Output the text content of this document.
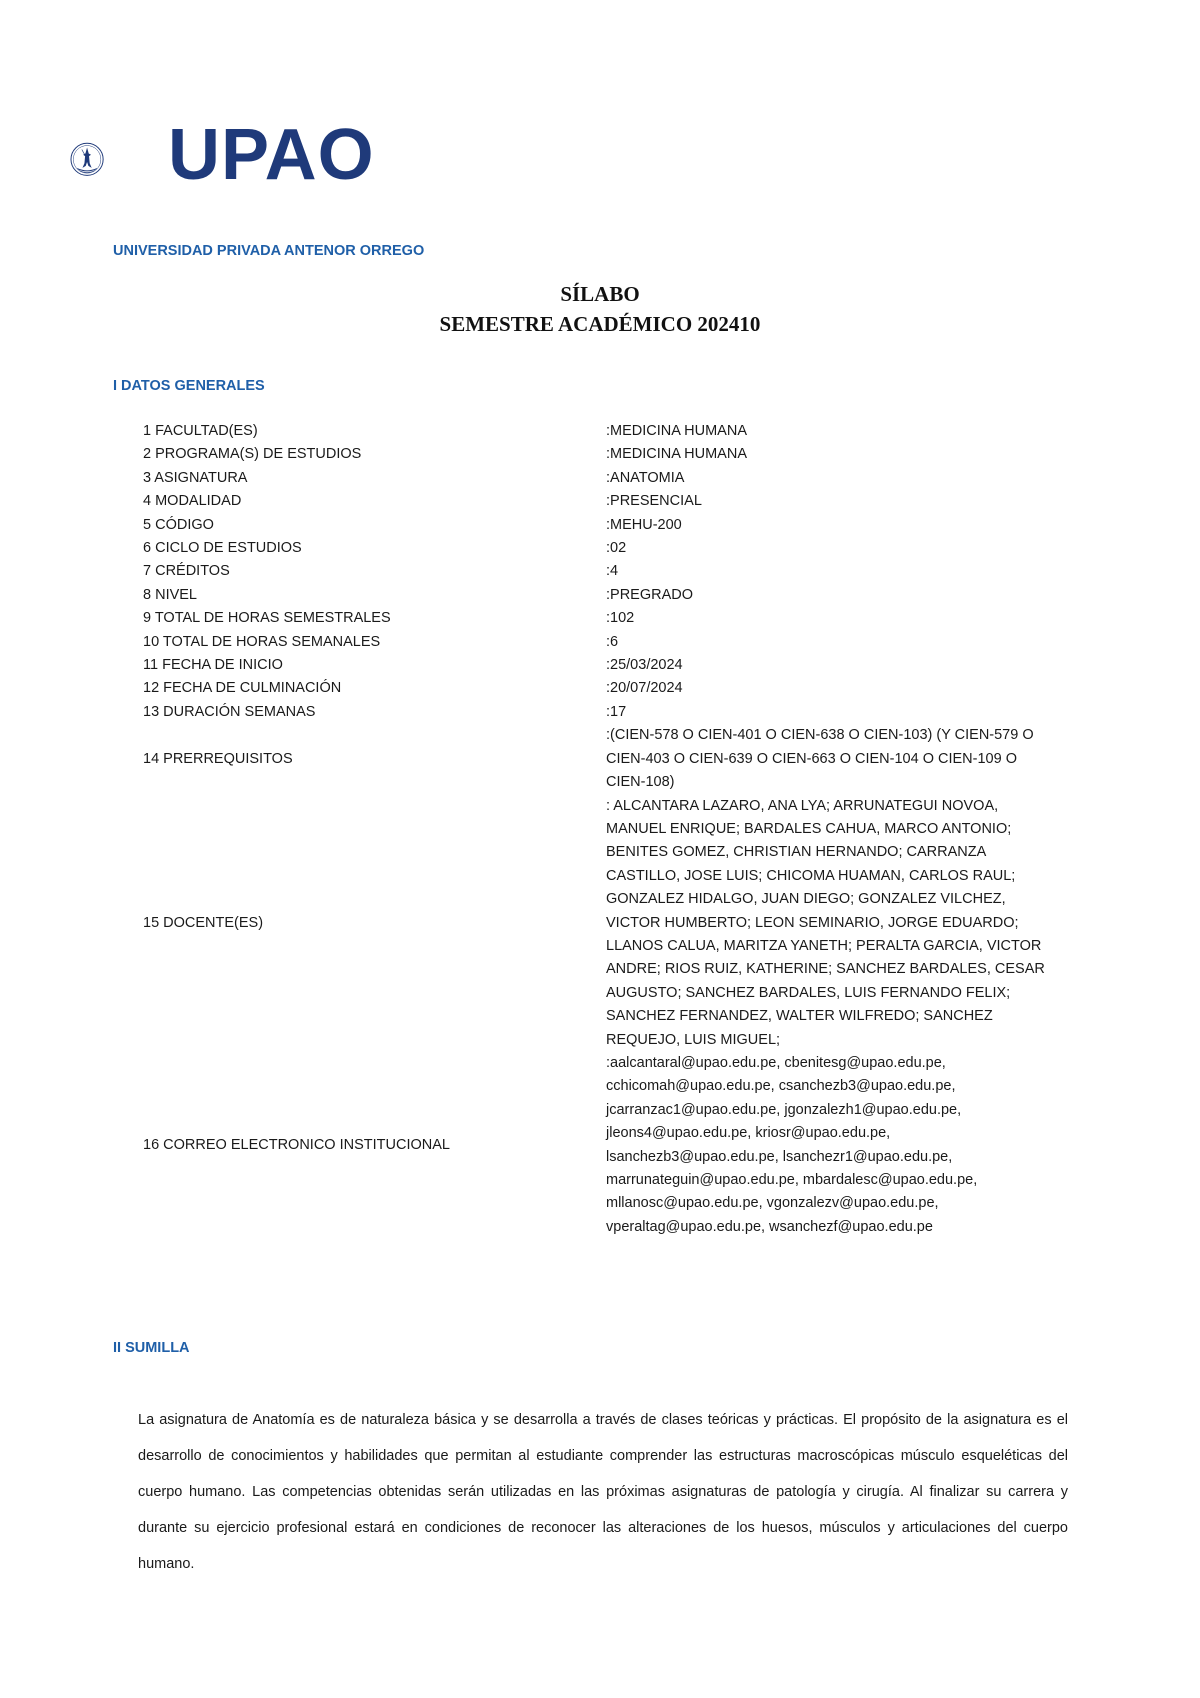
UPAO
UNIVERSIDAD PRIVADA ANTENOR ORREGO
SÍLABO
SEMESTRE ACADÉMICO 202410
I DATOS GENERALES
1 FACULTAD(ES)	:MEDICINA HUMANA
2 PROGRAMA(S) DE ESTUDIOS	:MEDICINA HUMANA
3 ASIGNATURA	:ANATOMIA
4 MODALIDAD	:PRESENCIAL
5 CÓDIGO	:MEHU-200
6 CICLO DE ESTUDIOS	:02
7 CRÉDITOS	:4
8 NIVEL	:PREGRADO
9 TOTAL DE HORAS SEMESTRALES	:102
10 TOTAL DE HORAS SEMANALES	:6
11 FECHA DE INICIO	:25/03/2024
12 FECHA DE CULMINACIÓN	:20/07/2024
13 DURACIÓN SEMANAS	:17
14 PRERREQUISITOS
:(CIEN-578 O CIEN-401 O CIEN-638 O CIEN-103) (Y CIEN-579 O CIEN-403 O CIEN-639 O CIEN-663 O CIEN-104 O CIEN-109 O CIEN-108)
15 DOCENTE(ES)
: ALCANTARA LAZARO, ANA LYA; ARRUNATEGUI NOVOA, MANUEL ENRIQUE; BARDALES CAHUA, MARCO ANTONIO; BENITES GOMEZ, CHRISTIAN HERNANDO; CARRANZA CASTILLO, JOSE LUIS; CHICOMA HUAMAN, CARLOS RAUL; GONZALEZ HIDALGO, JUAN DIEGO; GONZALEZ VILCHEZ, VICTOR HUMBERTO; LEON SEMINARIO, JORGE EDUARDO; LLANOS CALUA, MARITZA YANETH; PERALTA GARCIA, VICTOR ANDRE; RIOS RUIZ, KATHERINE; SANCHEZ BARDALES, CESAR AUGUSTO; SANCHEZ BARDALES, LUIS FERNANDO FELIX; SANCHEZ FERNANDEZ, WALTER WILFREDO; SANCHEZ REQUEJO, LUIS MIGUEL;
16 CORREO ELECTRONICO INSTITUCIONAL
:aalcantaral@upao.edu.pe, cbenitesg@upao.edu.pe, cchicomah@upao.edu.pe, csanchezb3@upao.edu.pe, jcarranzac1@upao.edu.pe, jgonzalezh1@upao.edu.pe, jleons4@upao.edu.pe, kriosr@upao.edu.pe, lsanchezb3@upao.edu.pe, lsanchezr1@upao.edu.pe, marrunateguin@upao.edu.pe, mbardalesc@upao.edu.pe, mllanosc@upao.edu.pe, vgonzalezv@upao.edu.pe, vperaltag@upao.edu.pe, wsanchezf@upao.edu.pe
II SUMILLA

La asignatura de Anatomía es de naturaleza básica y se desarrolla a través de clases teóricas y prácticas. El propósito de la asignatura es el desarrollo de conocimientos y habilidades que permitan al estudiante comprender las estructuras macroscópicas músculo esqueléticas del cuerpo humano. Las competencias obtenidas serán utilizadas en las próximas asignaturas de patología y cirugía. Al finalizar su carrera y durante su ejercicio profesional estará en condiciones de reconocer las alteraciones de los huesos, músculos y articulaciones del cuerpo humano.
